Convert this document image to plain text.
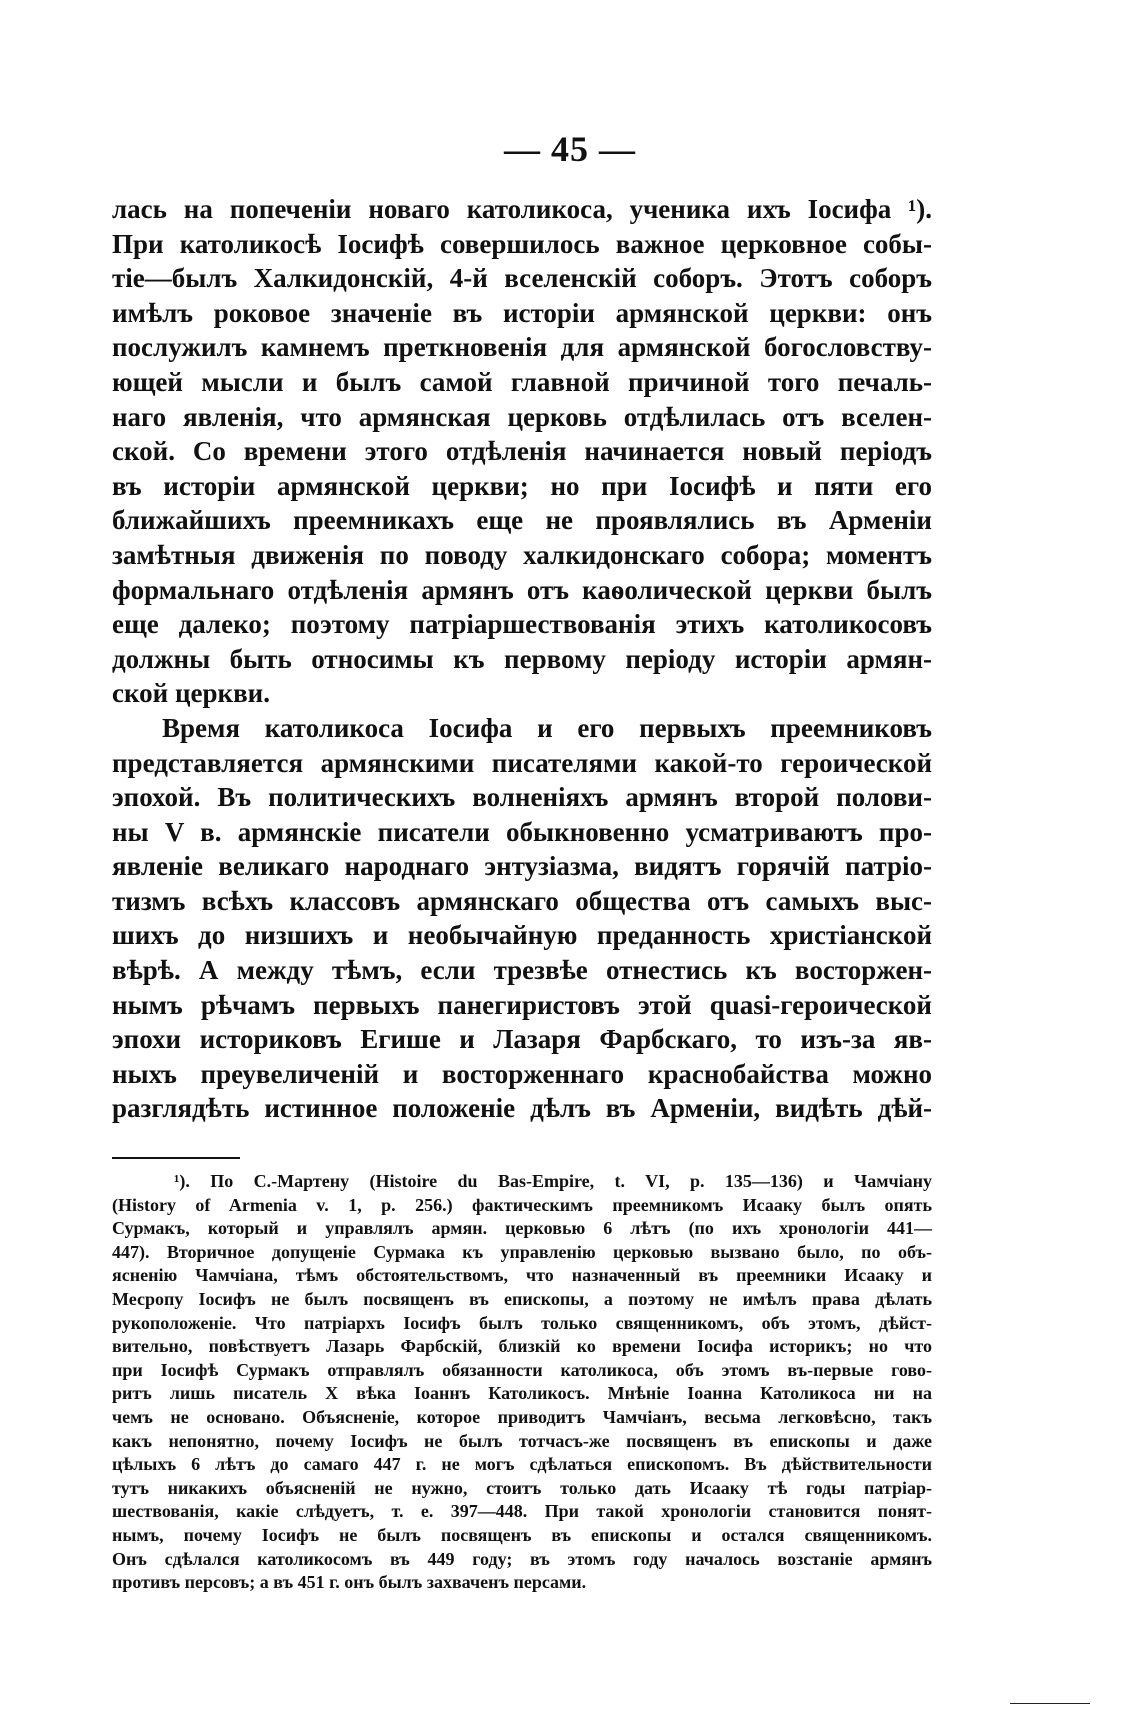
— 45 —
лась на попеченiи новаго католикоса, ученика ихъ Iосифа ¹).
При католикосѣ Iосифѣ совершилось важное церковное собы-
тiе—былъ Халкидонскiй, 4-й вселенскiй соборъ. Этотъ соборъ
имѣлъ роковое значенiе въ исторiи армянской церкви: онъ
послужилъ камнемъ преткновенiя для армянской богословству-
ющей мысли и былъ самой главной причиной того печаль-
наго явленiя, что армянская церковь отдѣлилась отъ вселен-
ской. Со времени этого отдѣленiя начинается новый перiодъ
въ исторiи армянской церкви; но при Iосифѣ и пяти его
ближайшихъ преемникахъ еще не проявлялись въ Арменiи
замѣтныя движенiя по поводу халкидонскаго собора; моментъ
формальнаго отдѣленiя армянъ отъ каѳолической церкви былъ
еще далеко; поэтому патрiаршествованiя этихъ католикосовъ
должны быть относимы къ первому перiоду исторiи армян-
ской церкви.
Время католикоса Iосифа и его первыхъ преемниковъ
представляется армянскими писателями какой-то героической
эпохой. Въ политическихъ волненiяхъ армянъ второй полови-
ны V в. армянскiе писатели обыкновенно усматриваютъ про-
явленiе великаго народнаго энтузiазма, видятъ горячiй патрiо-
тизмъ всѣхъ классовъ армянскаго общества отъ самыхъ выс-
шихъ до низшихъ и необычайную преданность христiанской
вѣрѣ. А между тѣмъ, если трезвѣе отнестись къ восторжен-
нымъ рѣчамъ первыхъ панегиристовъ этой quasi-героической
эпохи историковъ Егише и Лазаря Фарбскаго, то изъ-за яв-
ныхъ преувеличенiй и восторженнаго краснобайства можно
разглядѣть истинное положенiе дѣлъ въ Арменiи, видѣть дѣй-
¹). По С.-Мартену (Histoire du Bas-Empire, t. VI, p. 135—136) и Чамчiану
(History of Armenia v. 1, p. 256.) фактическимъ преемникомъ Исааку былъ опять
Сурмакъ, который и управлялъ армян. церковью 6 лѣтъ (по ихъ хронологiи 441—
447). Вторичное допущенiе Сурмака къ управленiю церковью вызвано было, по объ-
ясненiю Чамчiана, тѣмъ обстоятельствомъ, что назначенный въ преемники Исааку и
Месропу Iосифъ не былъ посвященъ въ епископы, а поэтому не имѣлъ права дѣлать
рукоположенiе. Что патрiархъ Iосифъ былъ только священникомъ, объ этомъ, дѣйст-
вительно, повѣствуетъ Лазарь Фарбскiй, близкiй ко времени Iосифа историкъ; но что
при Iосифѣ Сурмакъ отправлялъ обязанности католикоса, объ этомъ въ-первые гово-
ритъ лишь писатель X вѣка Iоаннъ Католикосъ. Мнѣнiе Iоанна Католикоса ни на
чемъ не основано. Объясненiе, которое приводитъ Чамчiанъ, весьма легковѣсно, такъ
какъ непонятно, почему Iосифъ не былъ тотчасъ-же посвященъ въ епископы и даже
цѣлыхъ 6 лѣтъ до самаго 447 г. не могъ сдѣлаться епископомъ. Въ дѣйствительности
тутъ никакихъ объясненiй не нужно, стоитъ только дать Исааку тѣ годы патрiар-
шествованiя, какiе слѣдуетъ, т. е. 397—448. При такой хронологiи становится понят-
нымъ, почему Iосифъ не былъ посвященъ въ епископы и остался священникомъ.
Онъ сдѣлался католикосомъ въ 449 году; въ этомъ году началось возстанiе армянъ
противъ персовъ; а въ 451 г. онъ былъ захваченъ персами.
